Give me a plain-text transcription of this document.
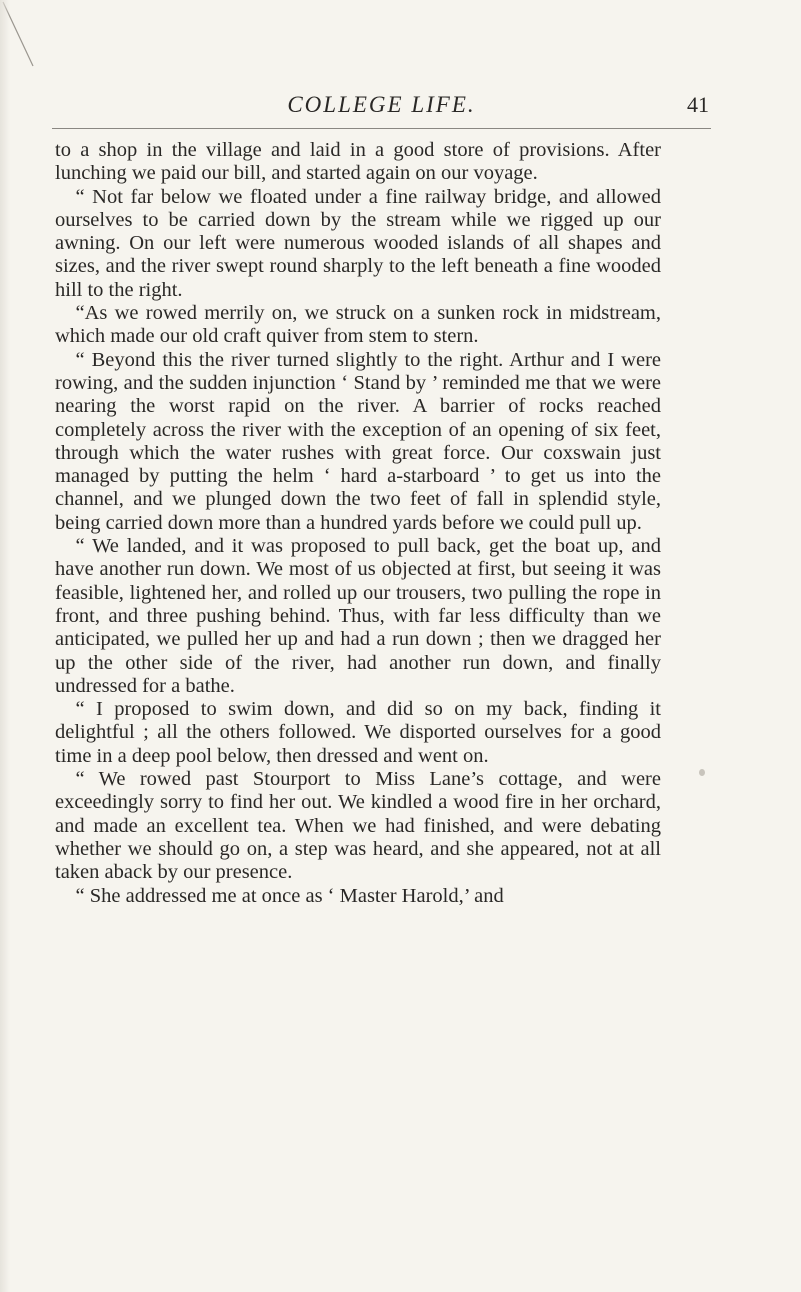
COLLEGE LIFE.	41

to a shop in the village and laid in a good store of provisions. After lunching we paid our bill, and started again on our voyage.

“ Not far below we floated under a fine railway bridge, and allowed ourselves to be carried down by the stream while we rigged up our awning. On our left were numerous wooded islands of all shapes and sizes, and the river swept round sharply to the left beneath a fine wooded hill to the right.

“As we rowed merrily on, we struck on a sunken rock in midstream, which made our old craft quiver from stem to stern.

“ Beyond this the river turned slightly to the right. Arthur and I were rowing, and the sudden injunction ‘ Stand by ’ reminded me that we were nearing the worst rapid on the river. A barrier of rocks reached completely across the river with the exception of an opening of six feet, through which the water rushes with great force. Our coxswain just managed by putting the helm ‘ hard a-starboard ’ to get us into the channel, and we plunged down the two feet of fall in splendid style, being carried down more than a hundred yards before we could pull up.

“ We landed, and it was proposed to pull back, get the boat up, and have another run down. We most of us objected at first, but seeing it was feasible, lightened her, and rolled up our trousers, two pulling the rope in front, and three pushing behind. Thus, with far less difficulty than we anticipated, we pulled her up and had a run down ; then we dragged her up the other side of the river, had another run down, and finally undressed for a bathe.

“ I proposed to swim down, and did so on my back, finding it delightful ; all the others followed. We disported ourselves for a good time in a deep pool below, then dressed and went on.

“ We rowed past Stourport to Miss Lane’s cottage, and were exceedingly sorry to find her out. We kindled a wood fire in her orchard, and made an excellent tea. When we had finished, and were debating whether we should go on, a step was heard, and she appeared, not at all taken aback by our presence.

“ She addressed me at once as ‘ Master Harold,’ and
